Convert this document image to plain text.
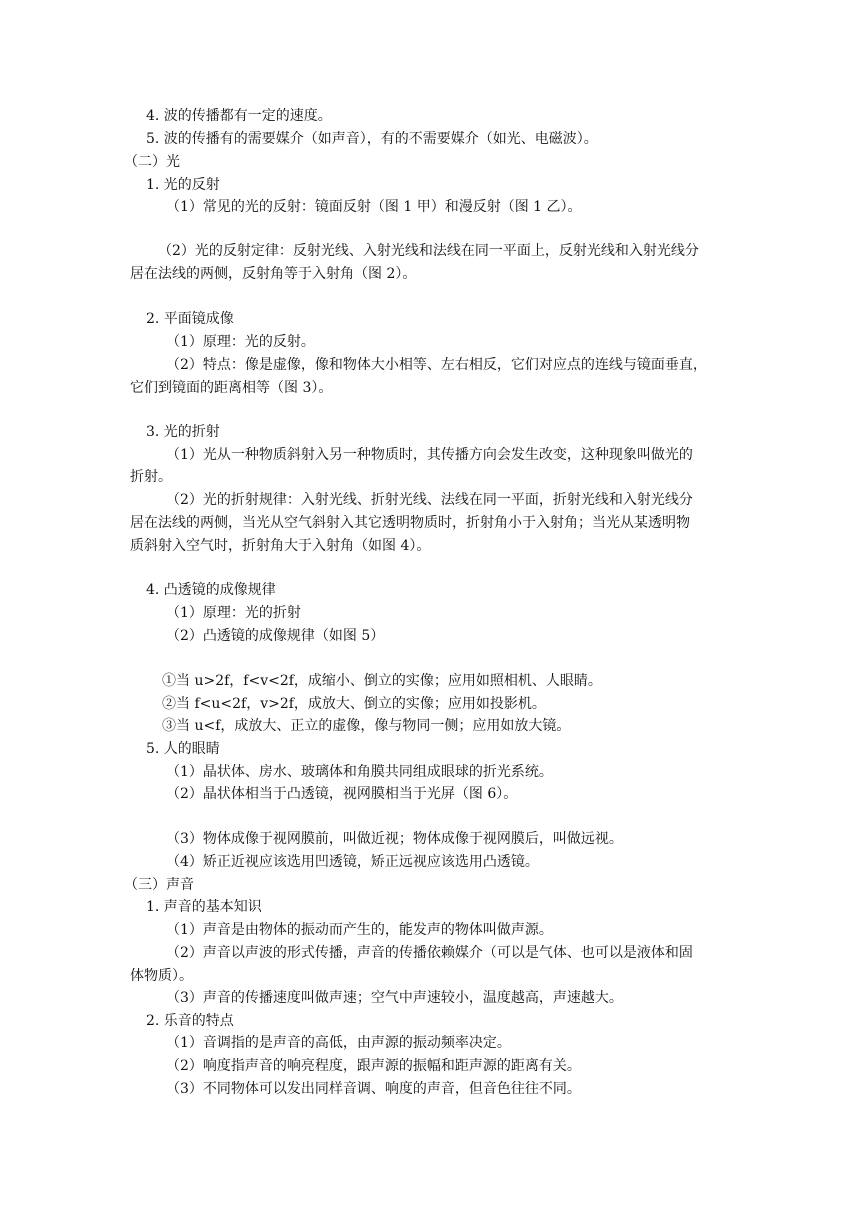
4. 波的传播都有一定的速度。
5. 波的传播有的需要媒介（如声音），有的不需要媒介（如光、电磁波）。
（二）光
1. 光的反射
（1）常见的光的反射：镜面反射（图 1 甲）和漫反射（图 1 乙）。
（2）光的反射定律：反射光线、入射光线和法线在同一平面上，反射光线和入射光线分
居在法线的两侧，反射角等于入射角（图 2）。
2. 平面镜成像
（1）原理：光的反射。
（2）特点：像是虚像，像和物体大小相等、左右相反，它们对应点的连线与镜面垂直，
它们到镜面的距离相等（图 3）。
3. 光的折射
（1）光从一种物质斜射入另一种物质时，其传播方向会发生改变，这种现象叫做光的
折射。
（2）光的折射规律：入射光线、折射光线、法线在同一平面，折射光线和入射光线分
居在法线的两侧，当光从空气斜射入其它透明物质时，折射角小于入射角；当光从某透明物
质斜射入空气时，折射角大于入射角（如图 4）。
4. 凸透镜的成像规律
（1）原理：光的折射
（2）凸透镜的成像规律（如图 5）
①当 u>2f，f<v<2f，成缩小、倒立的实像；应用如照相机、人眼睛。
②当 f<u<2f，v>2f，成放大、倒立的实像；应用如投影机。
③当 u<f，成放大、正立的虚像，像与物同一侧；应用如放大镜。
5. 人的眼睛
（1）晶状体、房水、玻璃体和角膜共同组成眼球的折光系统。
（2）晶状体相当于凸透镜，视网膜相当于光屏（图 6）。
（3）物体成像于视网膜前，叫做近视；物体成像于视网膜后，叫做远视。
（4）矫正近视应该选用凹透镜，矫正远视应该选用凸透镜。
（三）声音
1. 声音的基本知识
（1）声音是由物体的振动而产生的，能发声的物体叫做声源。
（2）声音以声波的形式传播，声音的传播依赖媒介（可以是气体、也可以是液体和固
体物质）。
（3）声音的传播速度叫做声速；空气中声速较小，温度越高，声速越大。
2. 乐音的特点
（1）音调指的是声音的高低，由声源的振动频率决定。
（2）响度指声音的响亮程度，跟声源的振幅和距声源的距离有关。
（3）不同物体可以发出同样音调、响度的声音，但音色往往不同。
